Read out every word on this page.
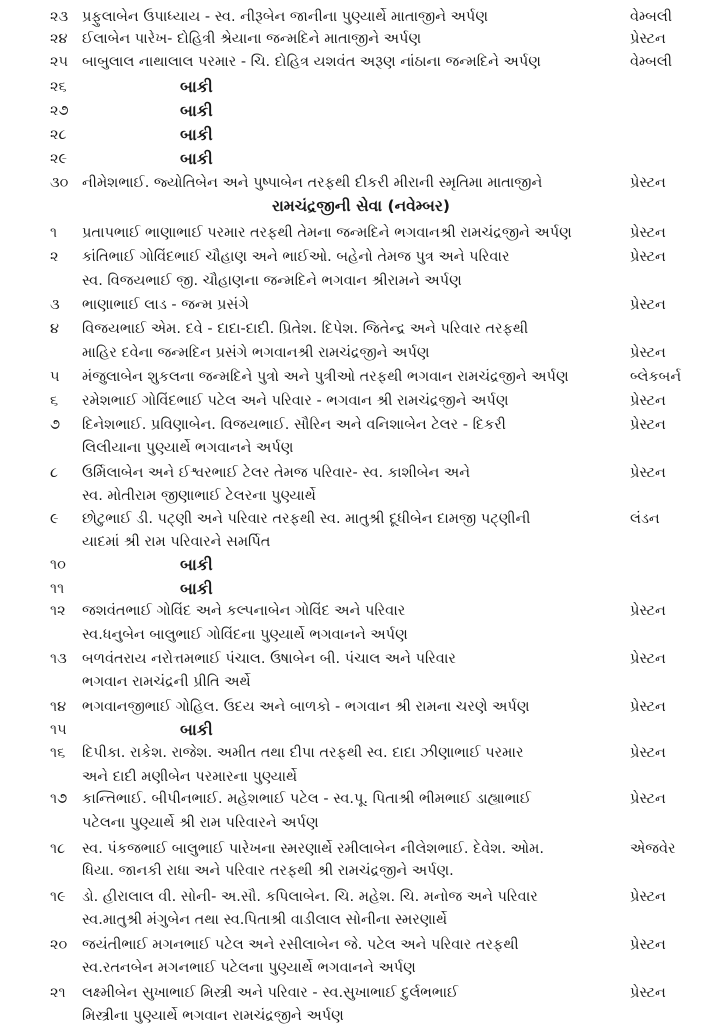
૨૩ પ્રફુલાબેન ઉપાધ્યાય - સ્વ. નીરૂબેન જાનીના પુણ્યાર્થે માતાજીને અર્પણ	વેમ્બલી
૨૪ ઈલાબેન પારેખ- દોહિત્રી શ્રેયાના જન્મદિને માતાજીને અર્પણ	પ્રેસ્ટન
૨૫ બાબુલાલ નાથાલાલ પરમાર - ચિ. દોહિત્ર યશવંત અરૂણ નાંઠાના જન્મદિને અર્પણ	વેમ્બલી
૨૬	બાકી
૨૭	બાકી
૨૮	બાકી
૨૯	બાકી
૩૦ નીમેશભાઈ. જ્યોતિબેન અને પુષ્પાબેન તરફથી દીકરી મીરાની સ્મૃતિમા માતાજીને	પ્રેસ્ટન
રામચંદ્રજીની સેવા (નવેમ્બર)
૧	પ્રતાપભાઈ ભાણાભાઈ પરમાર તરફથી તેમના જન્મદિને ભગવાનશ્રી રામચંદ્રજીને અર્પણ	પ્રેસ્ટન
૨	કાંતિભાઈ ગોવિંદભાઈ ચૌહાણ અને ભાઈઓ. બહેનો તેમજ પુત્ર અને પરિવાર	પ્રેસ્ટન
સ્વ. વિજયભાઈ જી. ચૌહાણના જન્મદિને ભગવાન શ્રીરામને અર્પણ
૩	ભાણાભાઈ લાડ - જન્મ પ્રસંગે	પ્રેસ્ટન
૪	વિજયભાઈ એમ. દવે - દાદા-દાદી. પ્રિતેશ. દિપેશ. જિતેન્દ્ર અને પરિવાર તરફથી
માહિર દવેના જન્મદિન પ્રસંગે ભગવાનશ્રી રામચંદ્રજીને અર્પણ	પ્રેસ્ટન
૫	મંજુલાબેન શુકલના જન્મદિને પુત્રો અને પુત્રીઓ તરફથી ભગવાન રામચંદ્રજીને અર્પણ	બ્લેકબર્ન
૬	રમેશભાઈ ગોવિંદભાઈ પટેલ અને પરિવાર - ભગવાન શ્રી રામચંદ્રજીને અર્પણ	પ્રેસ્ટન
૭	દિનેશભાઈ. પ્રવિણાબેન. વિજયભાઈ. સૌરિન અને વનિશાબેન ટેલર - દિકરી	પ્રેસ્ટન
લિલીયાના પુણ્યાર્થે ભગવાનને અર્પણ
૮	ઉર્મિલાબેન અને ઈશ્વરભાઈ ટેલર તેમજ પરિવાર- સ્વ. કાશીબેન અને	પ્રેસ્ટન
સ્વ. મોતીરામ જીણાભાઈ ટેલરના પુણ્યાર્થે
૯	છોટુભાઈ ડી. પટ્ણી અને પરિવાર તરફથી સ્વ. માતુશ્રી દૂધીબેન દામજી પટ્ણીની	લંડન
યાદમાં શ્રી રામ પરિવારને સમર્પિત
૧૦	બાકી
૧૧	બાકી
૧૨	જશવંતભાઈ ગોવિંદ અને કલ્પનાબેન ગોવિંદ અને પરિવાર	પ્રેસ્ટન
સ્વ.ધનુબેન બાલુભાઈ ગોવિંદના પુણ્યાર્થે ભગવાનને અર્પણ
૧૩	બળવંતરાય નરોત્તમભાઈ પંચાલ. ઉષાબેન બી. પંચાલ અને પરિવાર	પ્રેસ્ટન
ભગવાન રામચંદ્રની પ્રીતિ અર્થે
૧૪	ભગવાનજીભાઈ ગોહિલ. ઉદય અને બાળકો - ભગવાન શ્રી રામના ચરણે અર્પણ	પ્રેસ્ટન
૧૫	બાકી
૧૬	દિપીકા. રાકેશ. રાજેશ. અમીત તથા દીપા તરફથી સ્વ. દાદા ઝીણાભાઈ પરમાર	પ્રેસ્ટન
અને દાદી મણીબેન પરમારના પુણ્યાર્થે
૧૭	કાન્તિભાઈ. બીપીનભાઈ. મહેશભાઈ પટેલ - સ્વ.પૂ. પિતાશ્રી ભીમભાઈ ડાહ્યાભાઈ	પ્રેસ્ટન
પટેલના પુણ્યાર્થે શ્રી રામ પરિવારને અર્પણ
૧૮	સ્વ. પંકજભાઈ બાલુભાઈ પારેખના સ્મરણાર્થે રમીલાબેન નીલેશભાઈ. દેવેશ. ઓમ.	એજવેર
ધિયા. જાનકી રાધા અને પરિવાર તરફથી શ્રી રામચંદ્રજીને અર્પણ.
૧૯	ડો. હીરાલાલ વી. સોની- અ.સૌ. કપિલાબેન. ચિ. મહેશ. ચિ. મનોજ અને પરિવાર	પ્રેસ્ટન
સ્વ.માતુશ્રી મંગુબેન તથા સ્વ.પિતાશ્રી વાડીલાલ સોનીના સ્મરણાર્થે
૨૦	જયંતીભાઈ મગનભાઈ પટેલ અને રસીલાબેન જે. પટેલ અને પરિવાર તરફથી	પ્રેસ્ટન
સ્વ.રતનબેન મગનભાઈ પટેલના પુણ્યાર્થે ભગવાનને અર્પણ
૨૧	લક્ષ્મીબેન સુખાભાઈ મિસ્ત્રી અને પરિવાર - સ્વ.સુખાભાઈ દુર્લભભાઈ	પ્રેસ્ટન
મિસ્ત્રીના પુણ્યાર્થે ભગવાન રામચંદ્રજીને અર્પણ
